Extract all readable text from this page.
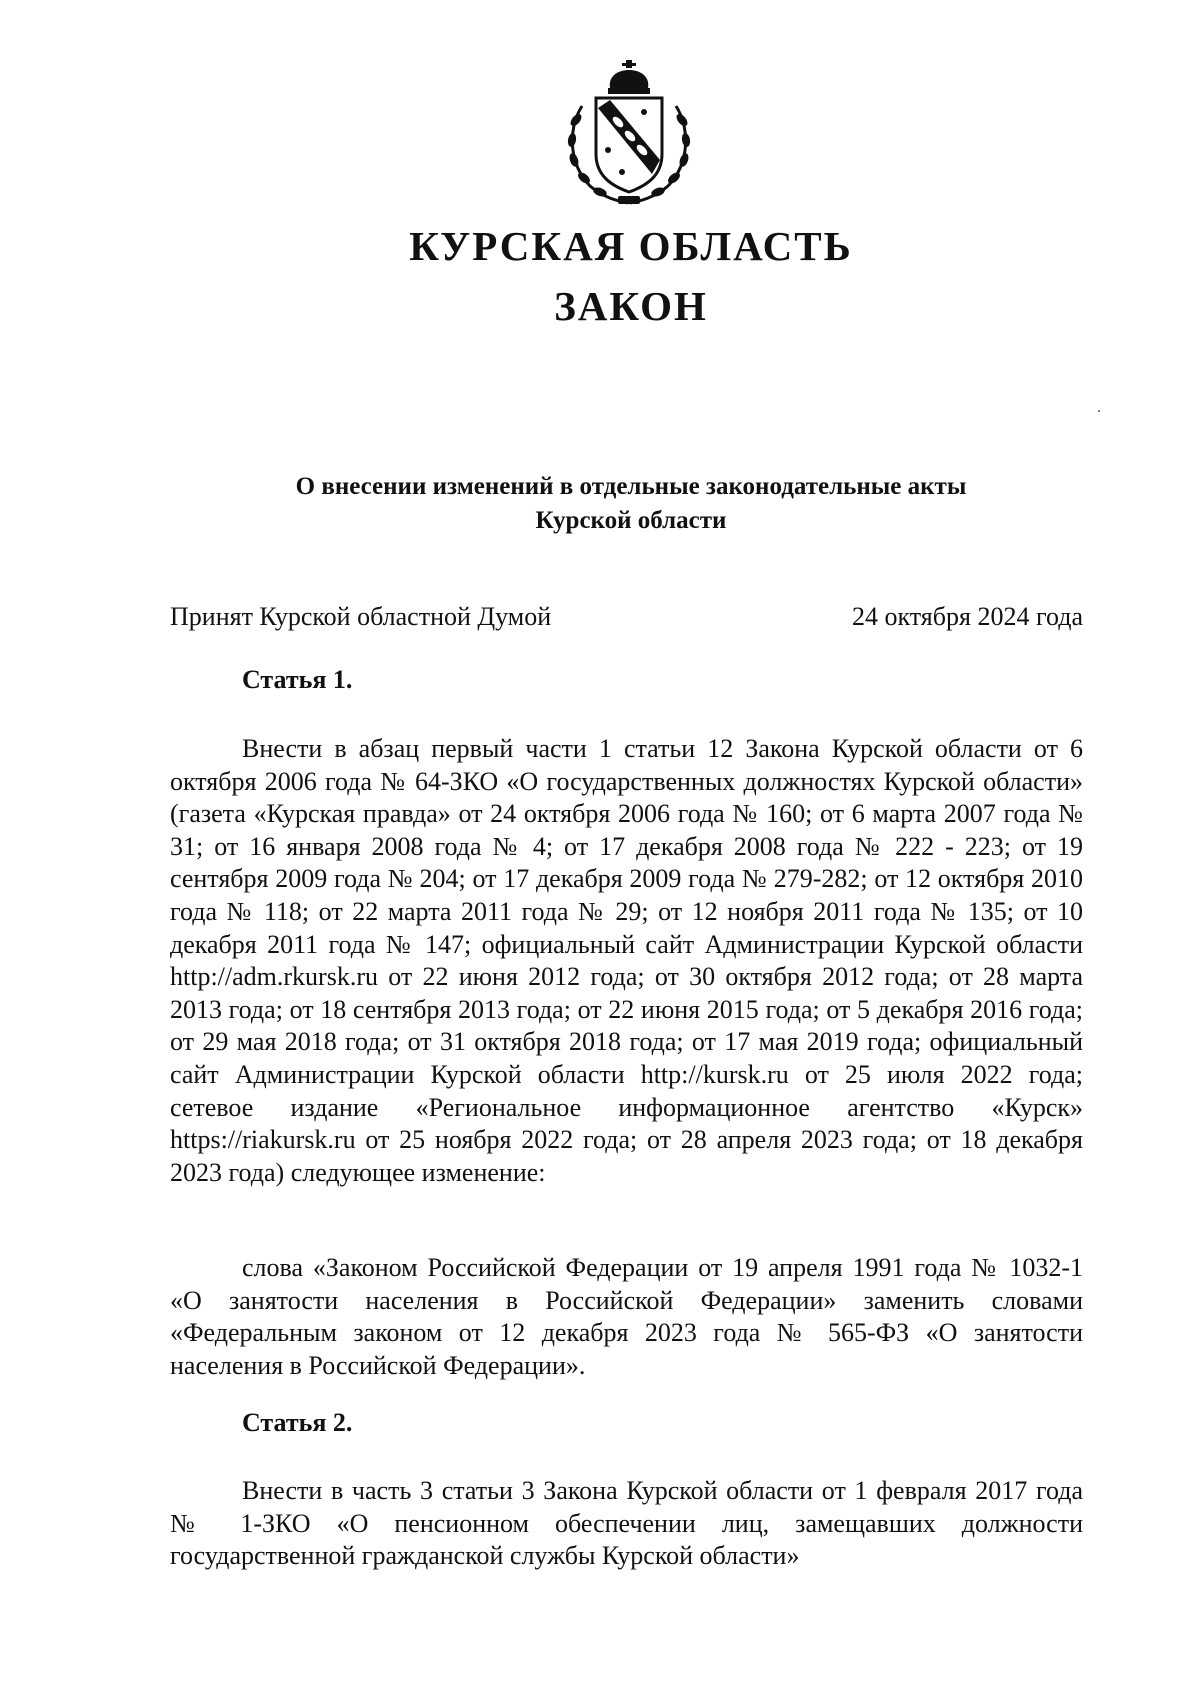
КУРСКАЯ ОБЛАСТЬ
ЗАКОН
О внесении изменений в отдельные законодательные акты
Курской области
Принят Курской областной Думой	24 октября 2024 года
Статья 1.

Внести в абзац первый части 1 статьи 12 Закона Курской области от 6 октября 2006 года № 64-ЗКО «О государственных должностях Курской области» (газета «Курская правда» от 24 октября 2006 года № 160; от 6 марта 2007 года № 31; от 16 января 2008 года № 4; от 17 декабря 2008 года № 222 - 223; от 19 сентября 2009 года № 204; от 17 декабря 2009 года № 279-282; от 12 октября 2010 года № 118; от 22 марта 2011 года № 29; от 12 ноября 2011 года № 135; от 10 декабря 2011 года № 147; официальный сайт Администрации Курской области http://adm.rkursk.ru от 22 июня 2012 года; от 30 октября 2012 года; от 28 марта 2013 года; от 18 сентября 2013 года; от 22 июня 2015 года; от 5 декабря 2016 года; от 29 мая 2018 года; от 31 октября 2018 года; от 17 мая 2019 года; официальный сайт Администрации Курской области http://kursk.ru от 25 июля 2022 года; сетевое издание «Региональное информационное агентство «Курск» https://riakursk.ru от 25 ноября 2022 года; от 28 апреля 2023 года; от 18 декабря 2023 года) следующее изменение:

слова «Законом Российской Федерации от 19 апреля 1991 года № 1032-1 «О занятости населения в Российской Федерации» заменить словами «Федеральным законом от 12 декабря 2023 года № 565-ФЗ «О занятости населения в Российской Федерации».

Статья 2.

Внести в часть 3 статьи 3 Закона Курской области от 1 февраля 2017 года № 1-ЗКО «О пенсионном обеспечении лиц, замещавших должности государственной гражданской службы Курской области»
